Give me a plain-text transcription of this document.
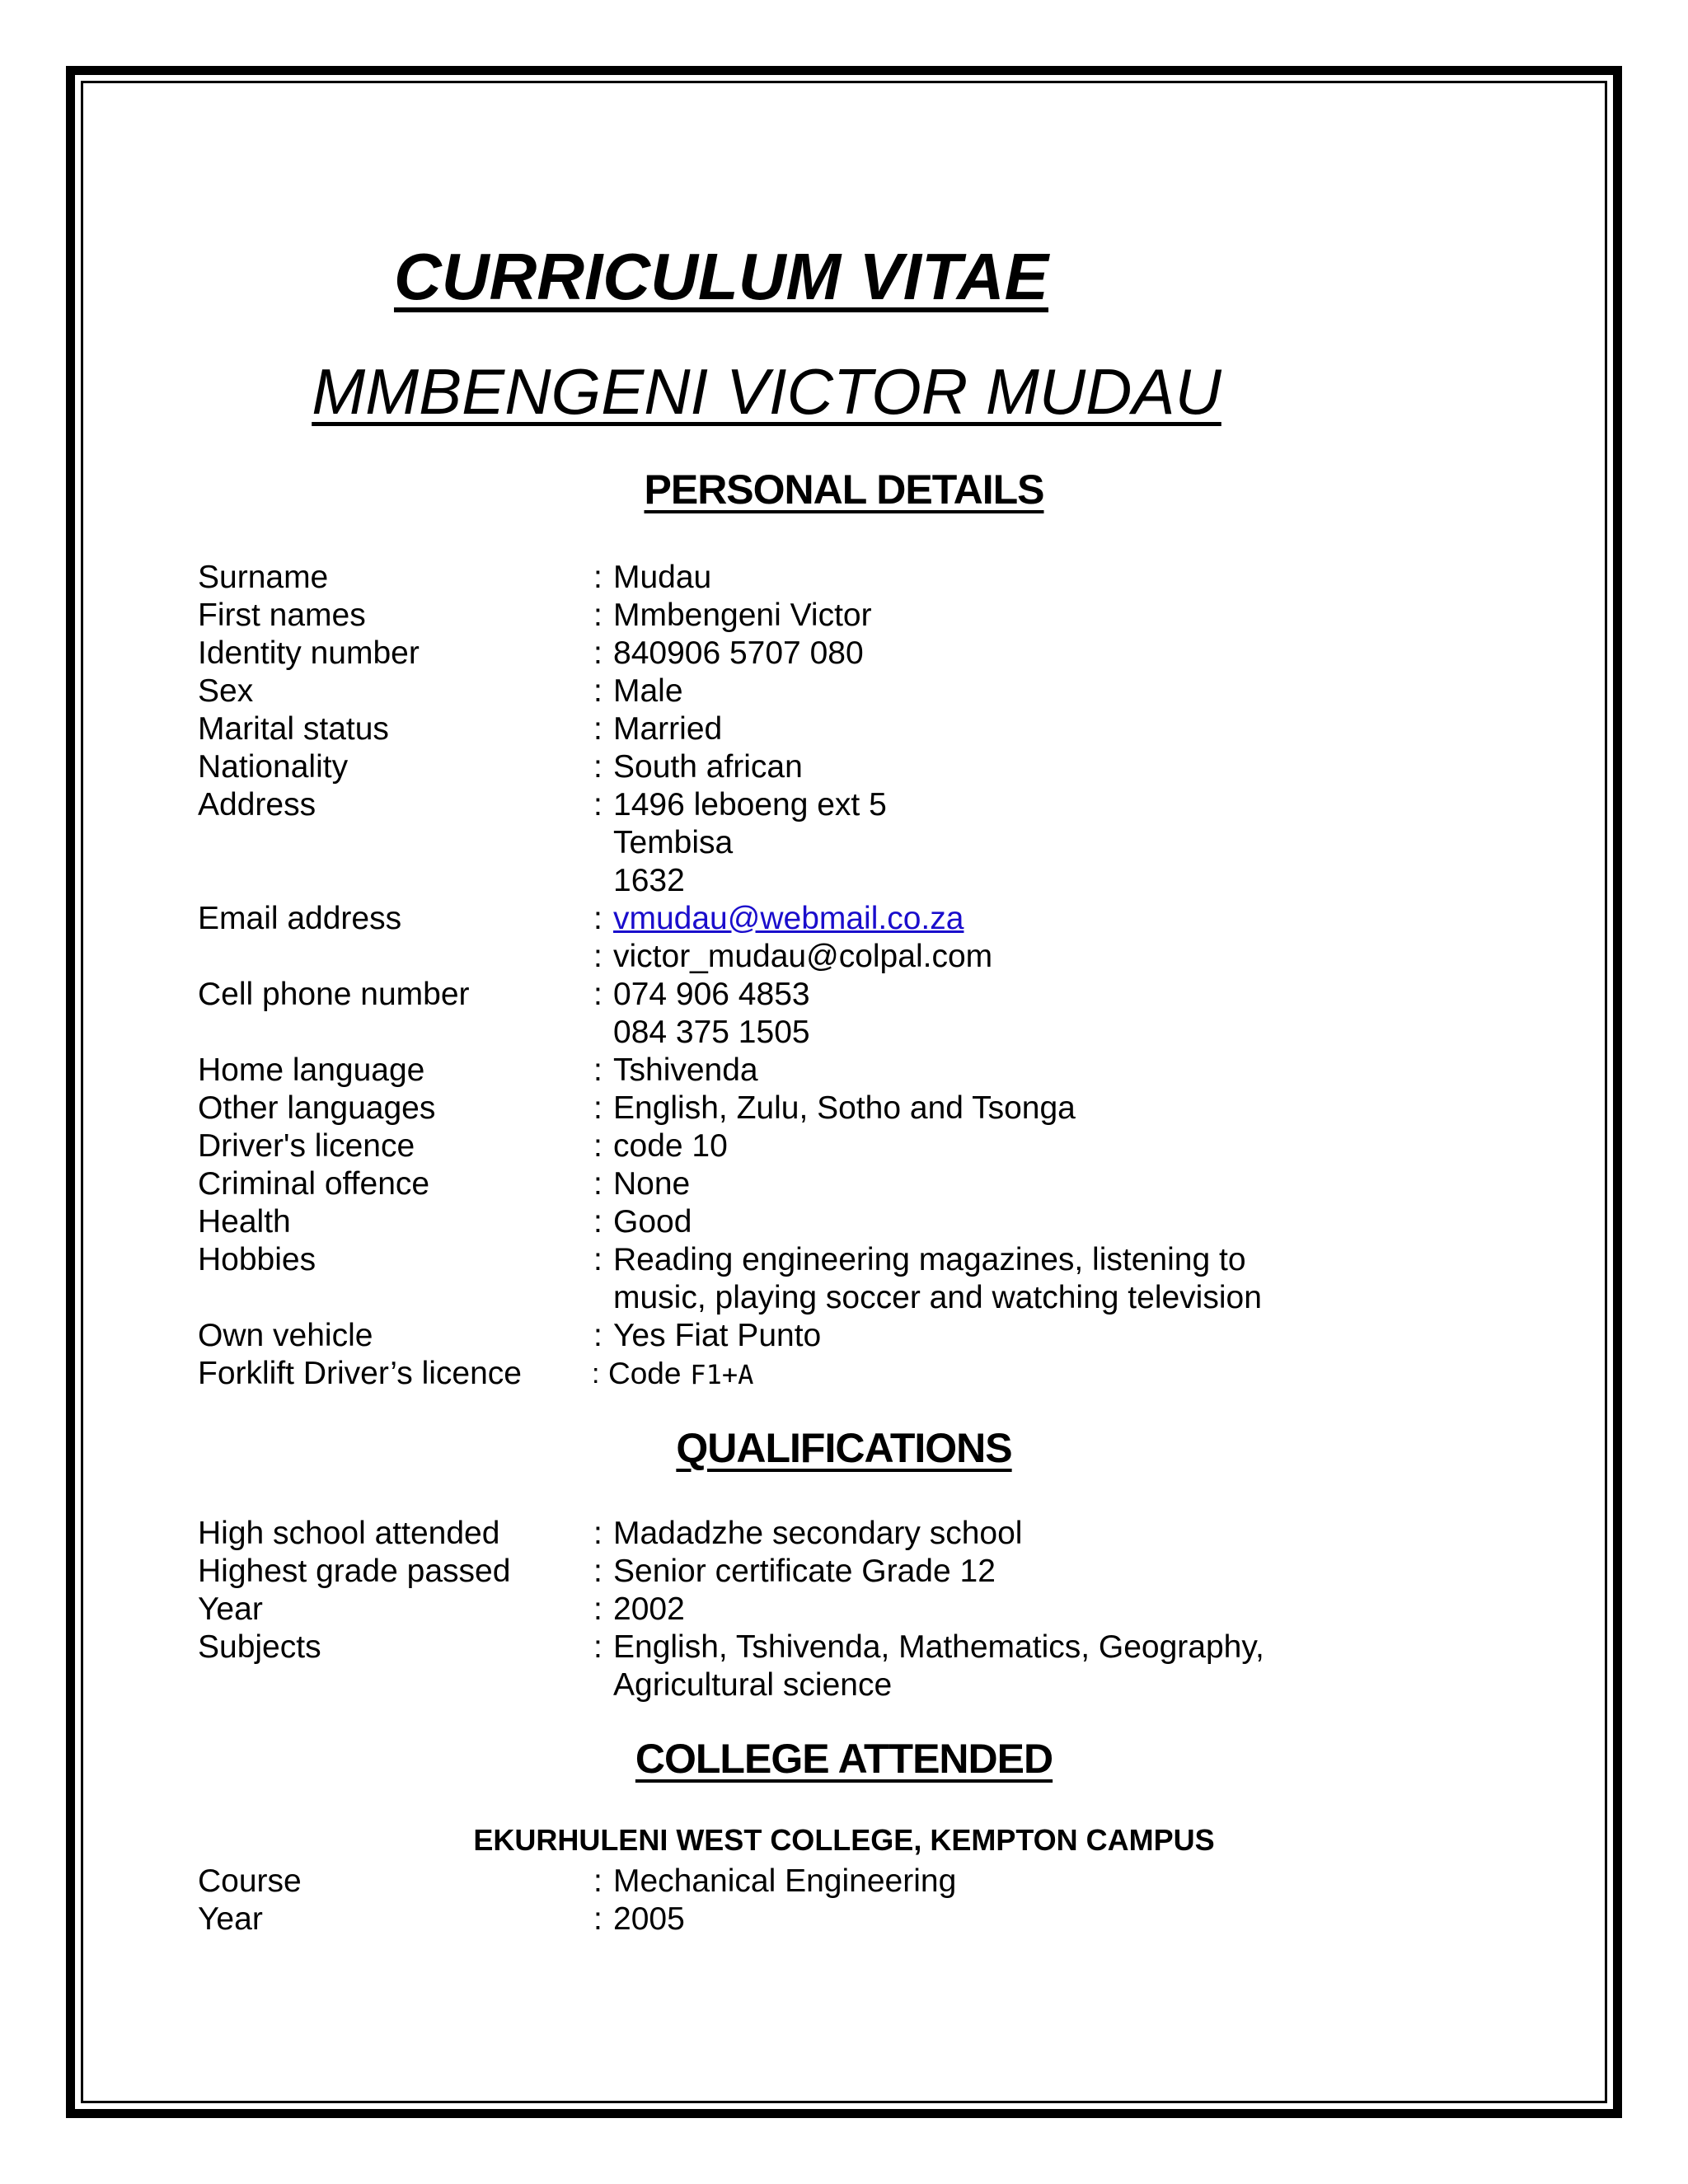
CURRICULUM VITAE
MMBENGENI VICTOR MUDAU
PERSONAL DETAILS
Surname	: Mudau
First names	: Mmbengeni Victor
Identity number	: 840906 5707 080
Sex	: Male
Marital status	: Married
Nationality	: South african
Address	: 1496 leboeng ext 5
Tembisa
1632
Email address	: vmudau@webmail.co.za
: victor_mudau@colpal.com
Cell phone number	: 074 906 4853
084 375 1505
Home language	: Tshivenda
Other languages	: English, Zulu, Sotho and Tsonga
Driver's licence	: code 10
Criminal offence	: None
Health	: Good
Hobbies	: Reading engineering magazines, listening to
music, playing soccer and watching television
Own vehicle	: Yes Fiat Punto
Forklift Driver’s licence	: Code F1+A
QUALIFICATIONS
High school attended	: Madadzhe secondary school
Highest grade passed	: Senior certificate Grade 12
Year	: 2002
Subjects	: English, Tshivenda, Mathematics, Geography,
Agricultural science
COLLEGE ATTENDED
EKURHULENI WEST COLLEGE, KEMPTON CAMPUS
Course	: Mechanical Engineering
Year	: 2005
